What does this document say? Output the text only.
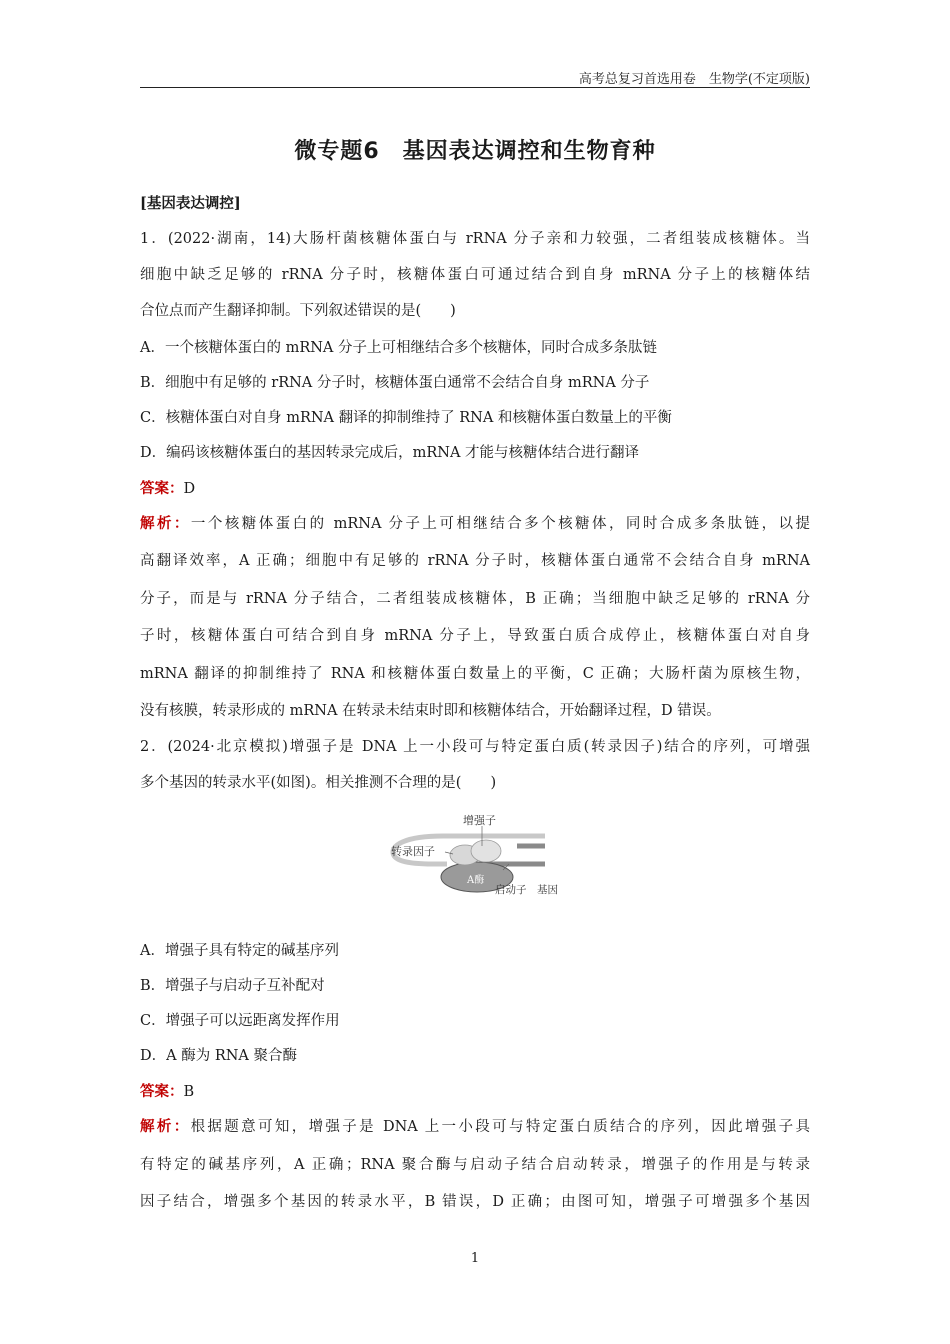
高考总复习首选用卷　生物学(不定项版)
微专题6　基因表达调控和生物育种
[基因表达调控]
1．(2022·湖南，14)大肠杆菌核糖体蛋白与 rRNA 分子亲和力较强，二者组装成核糖体。当
细胞中缺乏足够的 rRNA 分子时，核糖体蛋白可通过结合到自身 mRNA 分子上的核糖体结
合位点而产生翻译抑制。下列叙述错误的是(　　)
A．一个核糖体蛋白的 mRNA 分子上可相继结合多个核糖体，同时合成多条肽链
B．细胞中有足够的 rRNA 分子时，核糖体蛋白通常不会结合自身 mRNA 分子
C．核糖体蛋白对自身 mRNA 翻译的抑制维持了 RNA 和核糖体蛋白数量上的平衡
D．编码该核糖体蛋白的基因转录完成后，mRNA 才能与核糖体结合进行翻译
答案：D
解析：一个核糖体蛋白的 mRNA 分子上可相继结合多个核糖体，同时合成多条肽链，以提
高翻译效率，A 正确；细胞中有足够的 rRNA 分子时，核糖体蛋白通常不会结合自身 mRNA
分子，而是与 rRNA 分子结合，二者组装成核糖体，B 正确；当细胞中缺乏足够的 rRNA 分
子时，核糖体蛋白可结合到自身 mRNA 分子上，导致蛋白质合成停止，核糖体蛋白对自身
mRNA 翻译的抑制维持了 RNA 和核糖体蛋白数量上的平衡，C 正确；大肠杆菌为原核生物，
没有核膜，转录形成的 mRNA 在转录未结束时即和核糖体结合，开始翻译过程，D 错误。
2．(2024·北京模拟)增强子是 DNA 上一小段可与特定蛋白质(转录因子)结合的序列，可增强
多个基因的转录水平(如图)。相关推测不合理的是(　　)
增强子
转录因子
A酶
启动子 基因
A．增强子具有特定的碱基序列
B．增强子与启动子互补配对
C．增强子可以远距离发挥作用
D．A 酶为 RNA 聚合酶
答案：B
解析：根据题意可知，增强子是 DNA 上一小段可与特定蛋白质结合的序列，因此增强子具
有特定的碱基序列，A 正确；RNA 聚合酶与启动子结合启动转录，增强子的作用是与转录
因子结合，增强多个基因的转录水平，B 错误，D 正确；由图可知，增强子可增强多个基因
1
